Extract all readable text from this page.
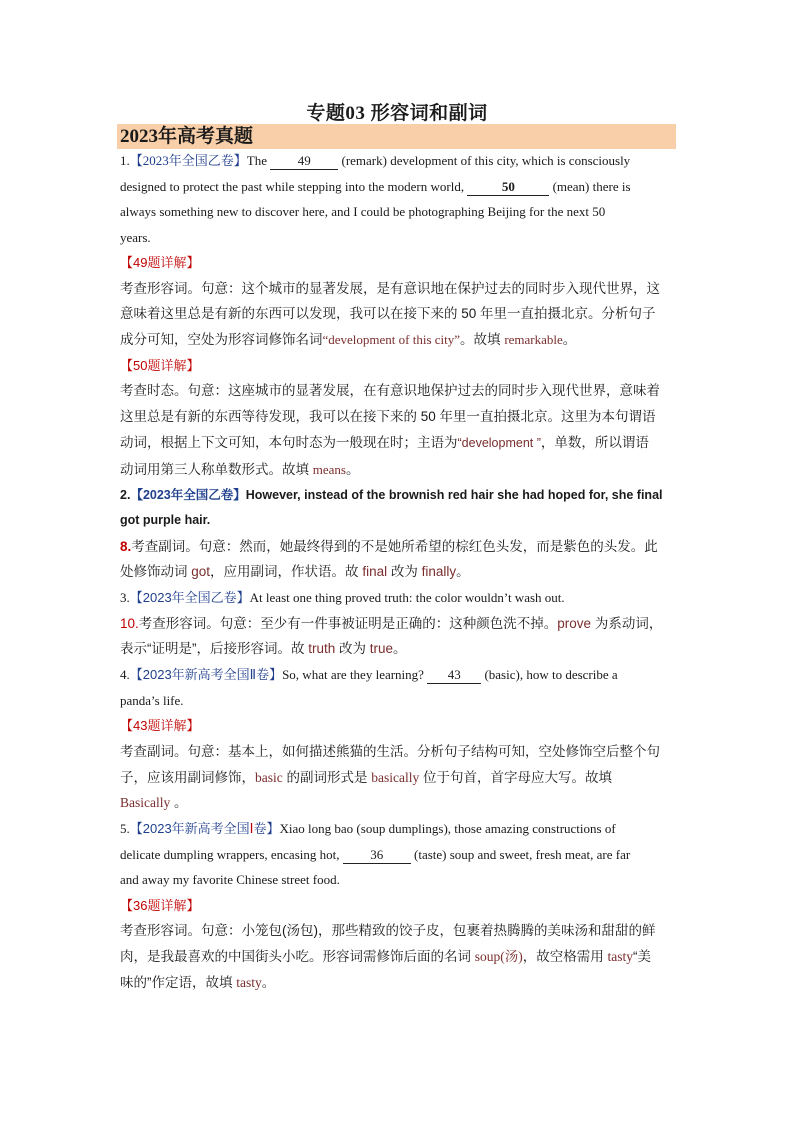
专题03 形容词和副词
2023年高考真题

1.【2023年全国乙卷】The 49 (remark) development of this city, which is consciously

designed to protect the past while stepping into the modern world,	50	(mean) there is

always something new to discover here, and I could be photographing Beijing for the next 50

years.

【49题详解】

考查形容词。句意：这个城市的显著发展，是有意识地在保护过去的同时步入现代世界，这

意味着这里总是有新的东西可以发现，我可以在接下来的 50 年里一直拍摄北京。分析句子

成分可知，空处为形容词修饰名词“development of this city”。故填 remarkable。

【50题详解】

考查时态。句意：这座城市的显著发展，在有意识地保护过去的同时步入现代世界，意味着

这里总是有新的东西等待发现，我可以在接下来的 50 年里一直拍摄北京。这里为本句谓语

动词，根据上下文可知，本句时态为一般现在时；主语为“development ”，单数，所以谓语

动词用第三人称单数形式。故填 means。

2.【2023年全国乙卷】However, instead of the brownish red hair she had hoped for, she final

got purple hair.

8.考查副词。句意：然而，她最终得到的不是她所希望的棕红色头发，而是紫色的头发。此

处修饰动词 got，应用副词，作状语。故 final 改为 finally。

3.【2023年全国乙卷】At least one thing proved truth: the color wouldn’t wash out.

10.考查形容词。句意：至少有一件事被证明是正确的：这种颜色洗不掉。prove 为系动词，

表示“证明是”，后接形容词。故 truth 改为 true。

4.【2023年新高考全国Ⅱ卷】So, what are they learning? 43 (basic), how to describe a

panda’s life.

【43题详解】

考查副词。句意：基本上，如何描述熊猫的生活。分析句子结构可知，空处修饰空后整个句

子，应该用副词修饰，basic 的副词形式是 basically 位于句首，首字母应大写。故填

Basically 。

5.【2023年新高考全国Ⅰ卷】Xiao long bao (soup dumplings), those amazing constructions of

delicate dumpling wrappers, encasing hot, 36 (taste) soup and sweet, fresh meat, are far

and away my favorite Chinese street food.

【36题详解】

考查形容词。句意：小笼包(汤包)，那些精致的饺子皮，包裹着热腾腾的美味汤和甜甜的鲜

肉，是我最喜欢的中国街头小吃。形容词需修饰后面的名词 soup(汤)，故空格需用 tasty“美

味的”作定语，故填 tasty。
